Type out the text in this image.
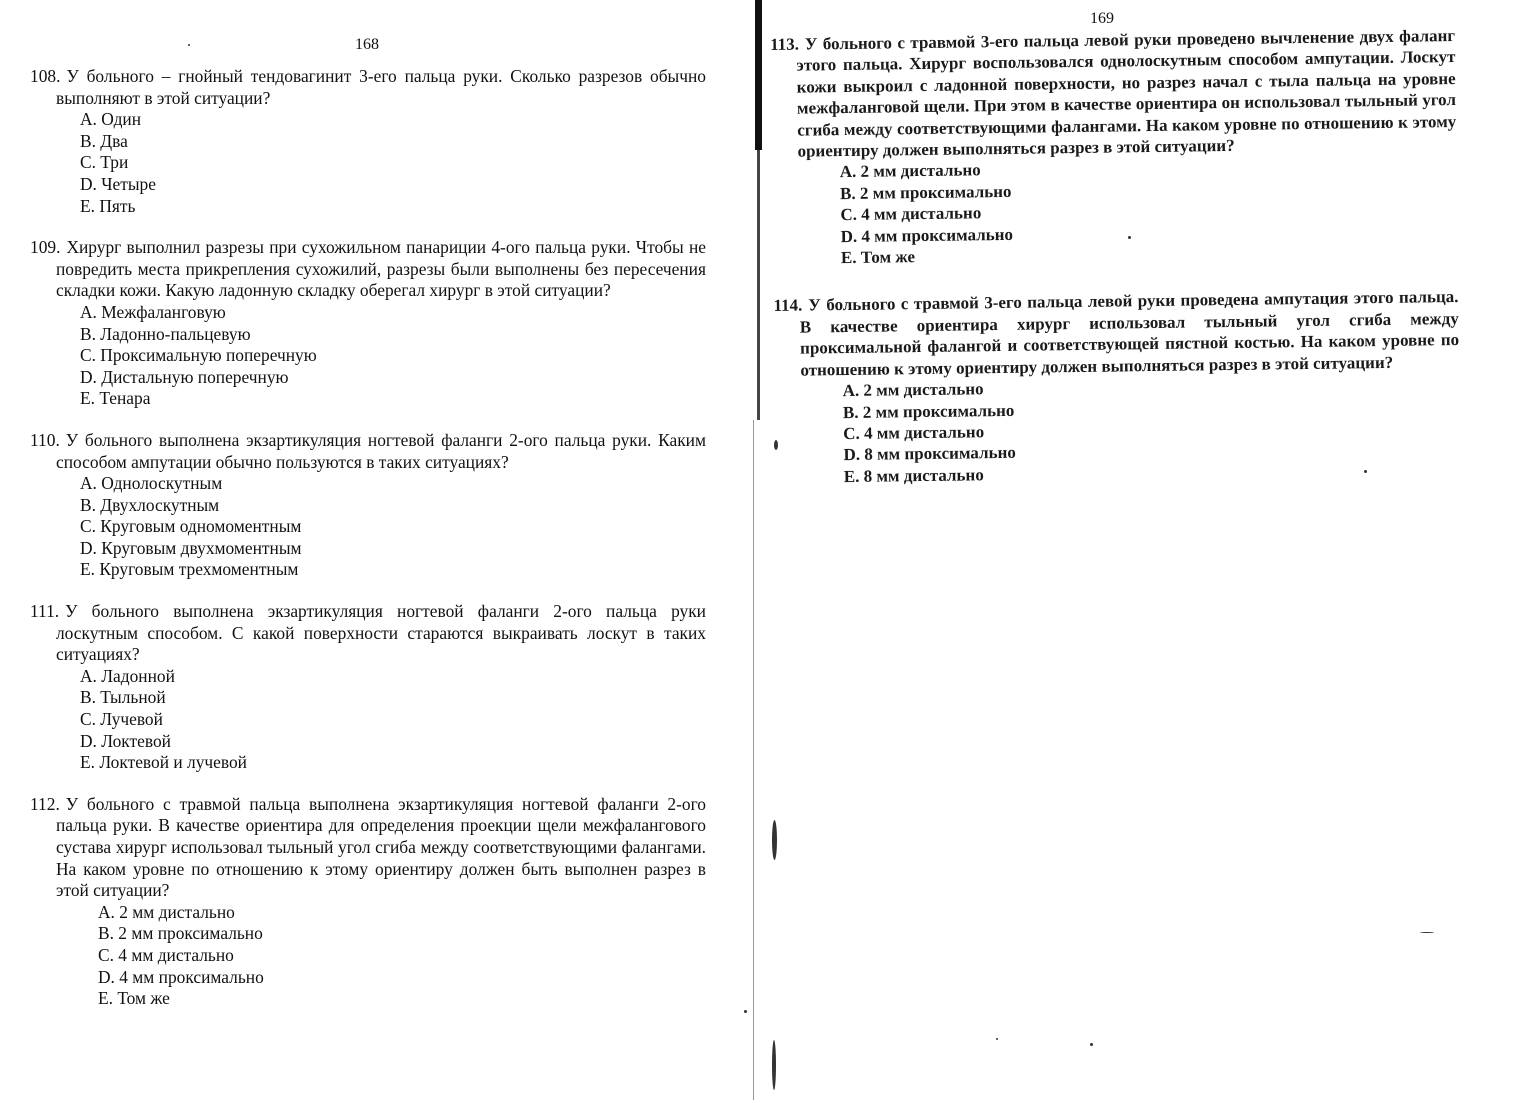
168
108. У больного – гнойный тендовагинит 3-его пальца руки. Сколько разрезов обычно выполняют в этой ситуации?
A. Один
B. Два
C. Три
D. Четыре
E. Пять
109. Хирург выполнил разрезы при сухожильном панариции 4-ого пальца руки. Чтобы не повредить места прикрепления сухожилий, разрезы были выполнены без пересечения складки кожи. Какую ладонную складку оберегал хирург в этой ситуации?
A. Межфаланговую
B. Ладонно-пальцевую
C. Проксимальную поперечную
D. Дистальную поперечную
E. Тенара
110. У больного выполнена экзартикуляция ногтевой фаланги 2-ого пальца руки. Каким способом ампутации обычно пользуются в таких ситуациях?
A. Однолоскутным
B. Двухлоскутным
C. Круговым одномоментным
D. Круговым двухмоментным
E. Круговым трехмоментным
111. У больного выполнена экзартикуляция ногтевой фаланги 2-ого пальца руки лоскутным способом. С какой поверхности стараются выкраивать лоскут в таких ситуациях?
A. Ладонной
B. Тыльной
C. Лучевой
D. Локтевой
E. Локтевой и лучевой
112. У больного с травмой пальца выполнена экзартикуляция ногтевой фаланги 2-ого пальца руки. В качестве ориентира для определения проекции щели межфалангового сустава хирург использовал тыльный угол сгиба между соответствующими фалангами. На каком уровне по отношению к этому ориентиру должен быть выполнен разрез в этой ситуации?
A. 2 мм дистально
B. 2 мм проксимально
C. 4 мм дистально
D. 4 мм проксимально
E. Том же
169
113. У больного с травмой 3-его пальца левой руки проведено вычленение двух фаланг этого пальца. Хирург воспользовался однолоскутным способом ампутации. Лоскут кожи выкроил с ладонной поверхности, но разрез начал с тыла пальца на уровне межфаланговой щели. При этом в качестве ориентира он использовал тыльный угол сгиба между соответствующими фалангами. На каком уровне по отношению к этому ориентиру должен выполняться разрез в этой ситуации?
A. 2 мм дистально
B. 2 мм проксимально
C. 4 мм дистально
D. 4 мм проксимально
E. Том же
114. У больного с травмой 3-его пальца левой руки проведена ампутация этого пальца. В качестве ориентира хирург использовал тыльный угол сгиба между проксимальной фалангой и соответствующей пястной костью. На каком уровне по отношению к этому ориентиру должен выполняться разрез в этой ситуации?
A. 2 мм дистально
B. 2 мм проксимально
C. 4 мм дистально
D. 8 мм проксимально
E. 8 мм дистально
